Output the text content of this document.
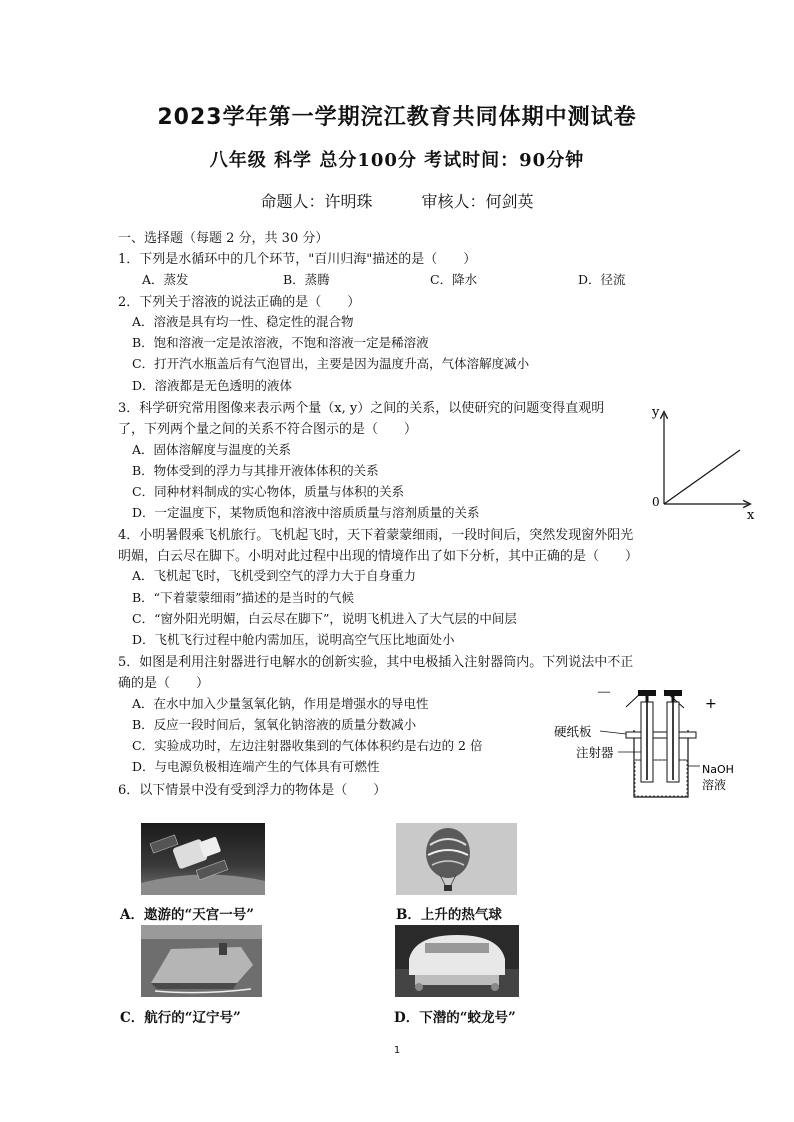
2023学年第一学期浣江教育共同体期中测试卷
八年级 科学 总分100分 考试时间：90分钟
命题人：许明珠	审核人：何剑英
一、选择题（每题 2 分，共 30 分）
1．下列是水循环中的几个环节，"百川归海"描述的是（　　）
A．蒸发	B．蒸腾	C．降水	D．径流
2．下列关于溶液的说法正确的是（　　）
A．溶液是具有均一性、稳定性的混合物
B．饱和溶液一定是浓溶液，不饱和溶液一定是稀溶液
C．打开汽水瓶盖后有气泡冒出，主要是因为温度升高，气体溶解度减小
D．溶液都是无色透明的液体
3．科学研究常用图像来表示两个量（x, y）之间的关系，以使研究的问题变得直观明
了，下列两个量之间的关系不符合图示的是（　　）
A．固体溶解度与温度的关系
B．物体受到的浮力与其排开液体体积的关系
C．同种材料制成的实心物体，质量与体积的关系
D．一定温度下，某物质饱和溶液中溶质质量与溶剂质量的关系
y
x
0
4．小明暑假乘飞机旅行。飞机起飞时，天下着蒙蒙细雨，一段时间后，突然发现窗外阳光
明媚，白云尽在脚下。小明对此过程中出现的情境作出了如下分析，其中正确的是（　　）
A．飞机起飞时，飞机受到空气的浮力大于自身重力
B．“下着蒙蒙细雨”描述的是当时的气候
C．“窗外阳光明媚，白云尽在脚下”，说明飞机进入了大气层的中间层
D．飞机飞行过程中舱内需加压，说明高空气压比地面处小
5．如图是利用注射器进行电解水的创新实验，其中电极插入注射器筒内。下列说法中不正
确的是（　　）
A．在水中加入少量氢氧化钠，作用是增强水的导电性
B．反应一段时间后，氢氧化钠溶液的质量分数减小
C．实验成功时，左边注射器收集到的气体体积约是右边的 2 倍
D．与电源负极相连端产生的气体具有可燃性
－
+
硬纸板
注射器
NaOH
溶液
6．以下情景中没有受到浮力的物体是（　　）
A．遨游的“天宫一号”	B．上升的热气球
C．航行的“辽宁号”	D．下潜的“蛟龙号”
1
